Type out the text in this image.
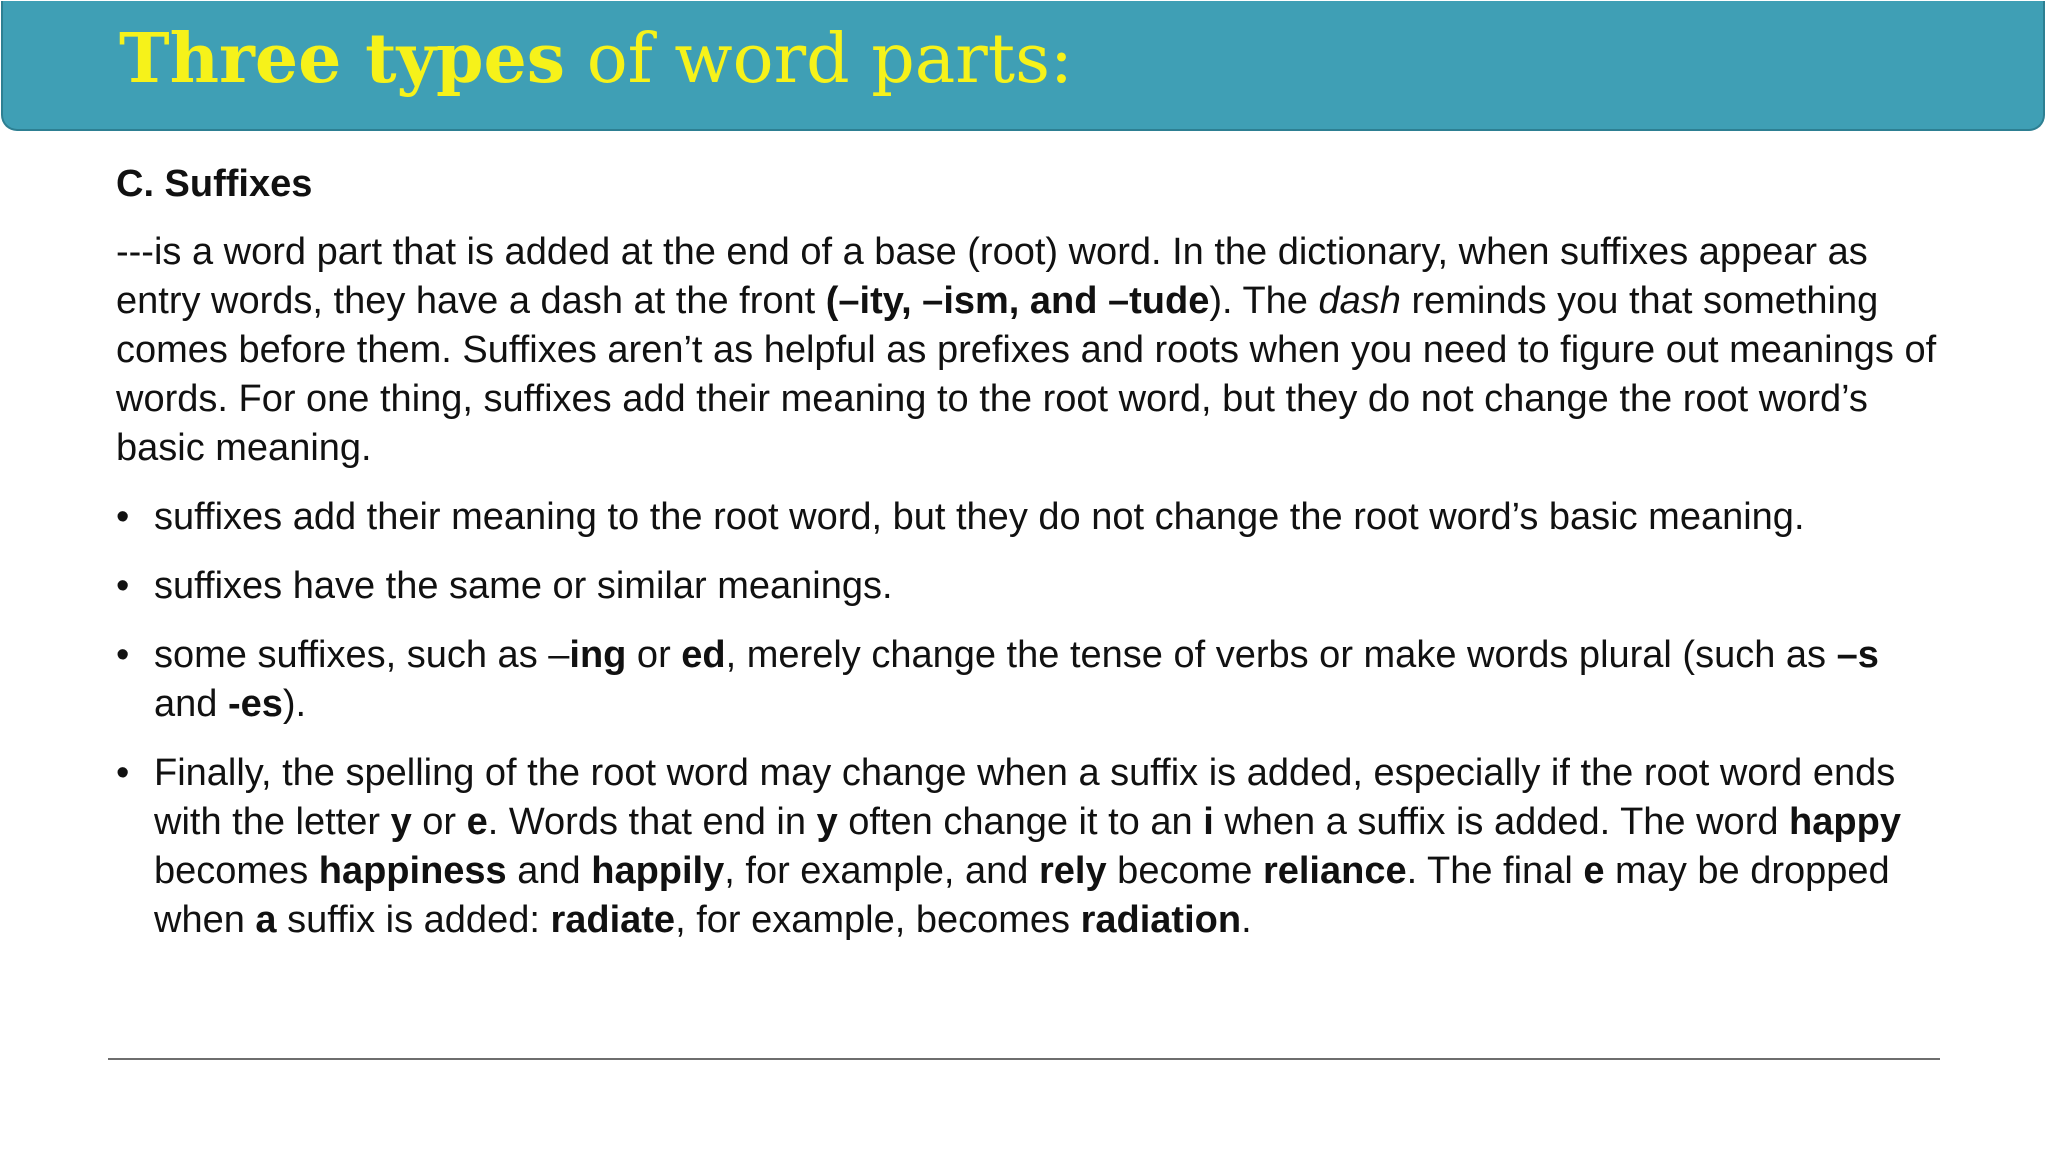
Three types of word parts:

C. Suffixes

---is a word part that is added at the end of a base (root) word. In the dictionary, when suffixes appear as entry words, they have a dash at the front (–ity, –ism, and –tude). The dash reminds you that something comes before them. Suffixes aren’t as helpful as prefixes and roots when you need to figure out meanings of words. For one thing, suffixes add their meaning to the root word, but they do not change the root word’s basic meaning.

• suffixes add their meaning to the root word, but they do not change the root word’s basic meaning.
• suffixes have the same or similar meanings.
• some suffixes, such as –ing or ed, merely change the tense of verbs or make words plural (such as –s and -es).
• Finally, the spelling of the root word may change when a suffix is added, especially if the root word ends with the letter y or e. Words that end in y often change it to an i when a suffix is added. The word happy becomes happiness and happily, for example, and rely become reliance. The final e may be dropped when a suffix is added: radiate, for example, becomes radiation.
